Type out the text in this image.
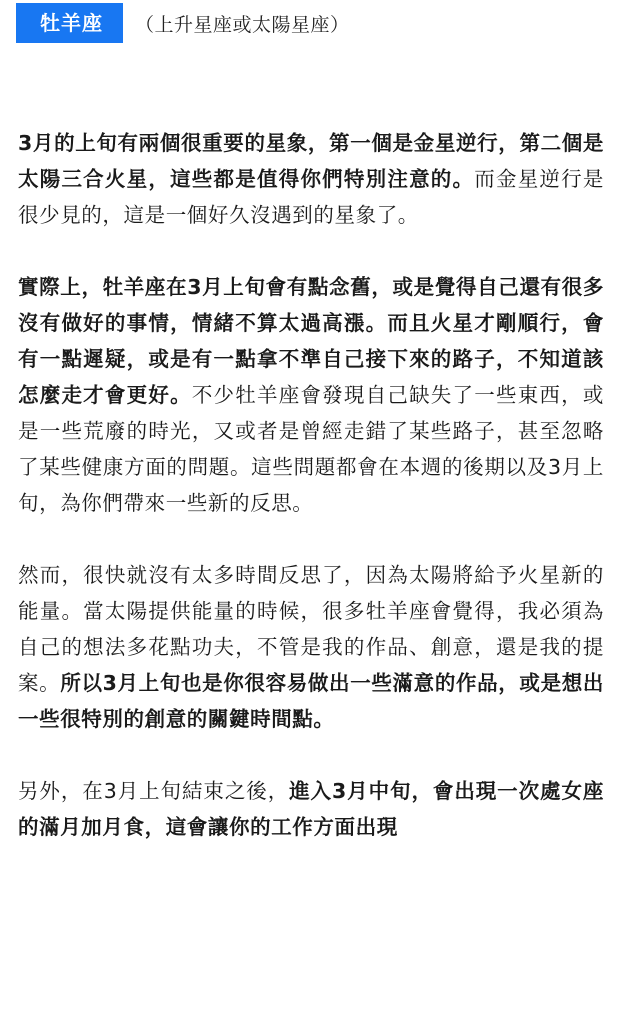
牡羊座	（上升星座或太陽星座）

3月的上旬有兩個很重要的星象，第一個是金星逆行，第二個是太陽三合火星，這些都是值得你們特別注意的。而金星逆行是很少見的，這是一個好久沒遇到的星象了。

實際上，牡羊座在3月上旬會有點念舊，或是覺得自己還有很多沒有做好的事情，情緒不算太過高漲。而且火星才剛順行，會有一點遲疑，或是有一點拿不準自己接下來的路子，不知道該怎麼走才會更好。不少牡羊座會發現自己缺失了一些東西，或是一些荒廢的時光，又或者是曾經走錯了某些路子，甚至忽略了某些健康方面的問題。這些問題都會在本週的後期以及3月上旬，為你們帶來一些新的反思。

然而，很快就沒有太多時間反思了，因為太陽將給予火星新的能量。當太陽提供能量的時候，很多牡羊座會覺得，我必須為自己的想法多花點功夫，不管是我的作品、創意，還是我的提案。所以3月上旬也是你很容易做出一些滿意的作品，或是想出一些很特別的創意的關鍵時間點。

另外，在3月上旬結束之後，進入3月中旬，會出現一次處女座的滿月加月食，這會讓你的工作方面出現
